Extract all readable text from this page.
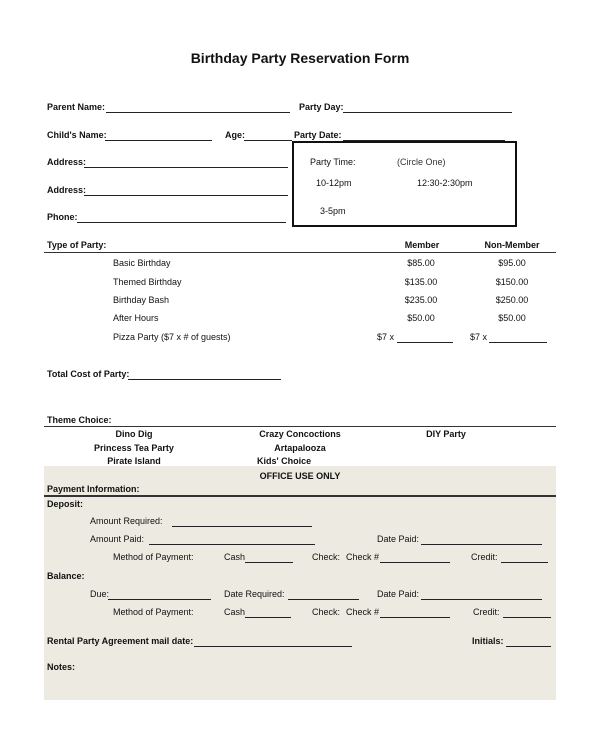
Birthday Party Reservation Form
Parent Name:	Party Day:
Child's Name:	Age:	Party Date:
Address:
Address:
Phone:
Party Time:	(Circle One)
10-12pm	12:30-2:30pm
3-5pm
Type of Party:	Member	Non-Member
Basic Birthday	$85.00	$95.00
Themed Birthday	$135.00	$150.00
Birthday Bash	$235.00	$250.00
After Hours	$50.00	$50.00
Pizza Party ($7 x # of guests)	$7 x	$7 x
Total Cost of Party:
Theme Choice:
Dino Dig	Crazy Concoctions	DIY Party
Princess Tea Party	Artapalooza
Pirate Island	Kids' Choice
OFFICE USE ONLY
Payment Information:
Deposit:
Amount Required:
Amount Paid:	Date Paid:
Method of Payment:	Cash	Check: Check #	Credit:
Balance:
Due:	Date Required:	Date Paid:
Method of Payment:	Cash	Check: Check #	Credit:
Rental Party Agreement mail date:	Initials:
Notes:
